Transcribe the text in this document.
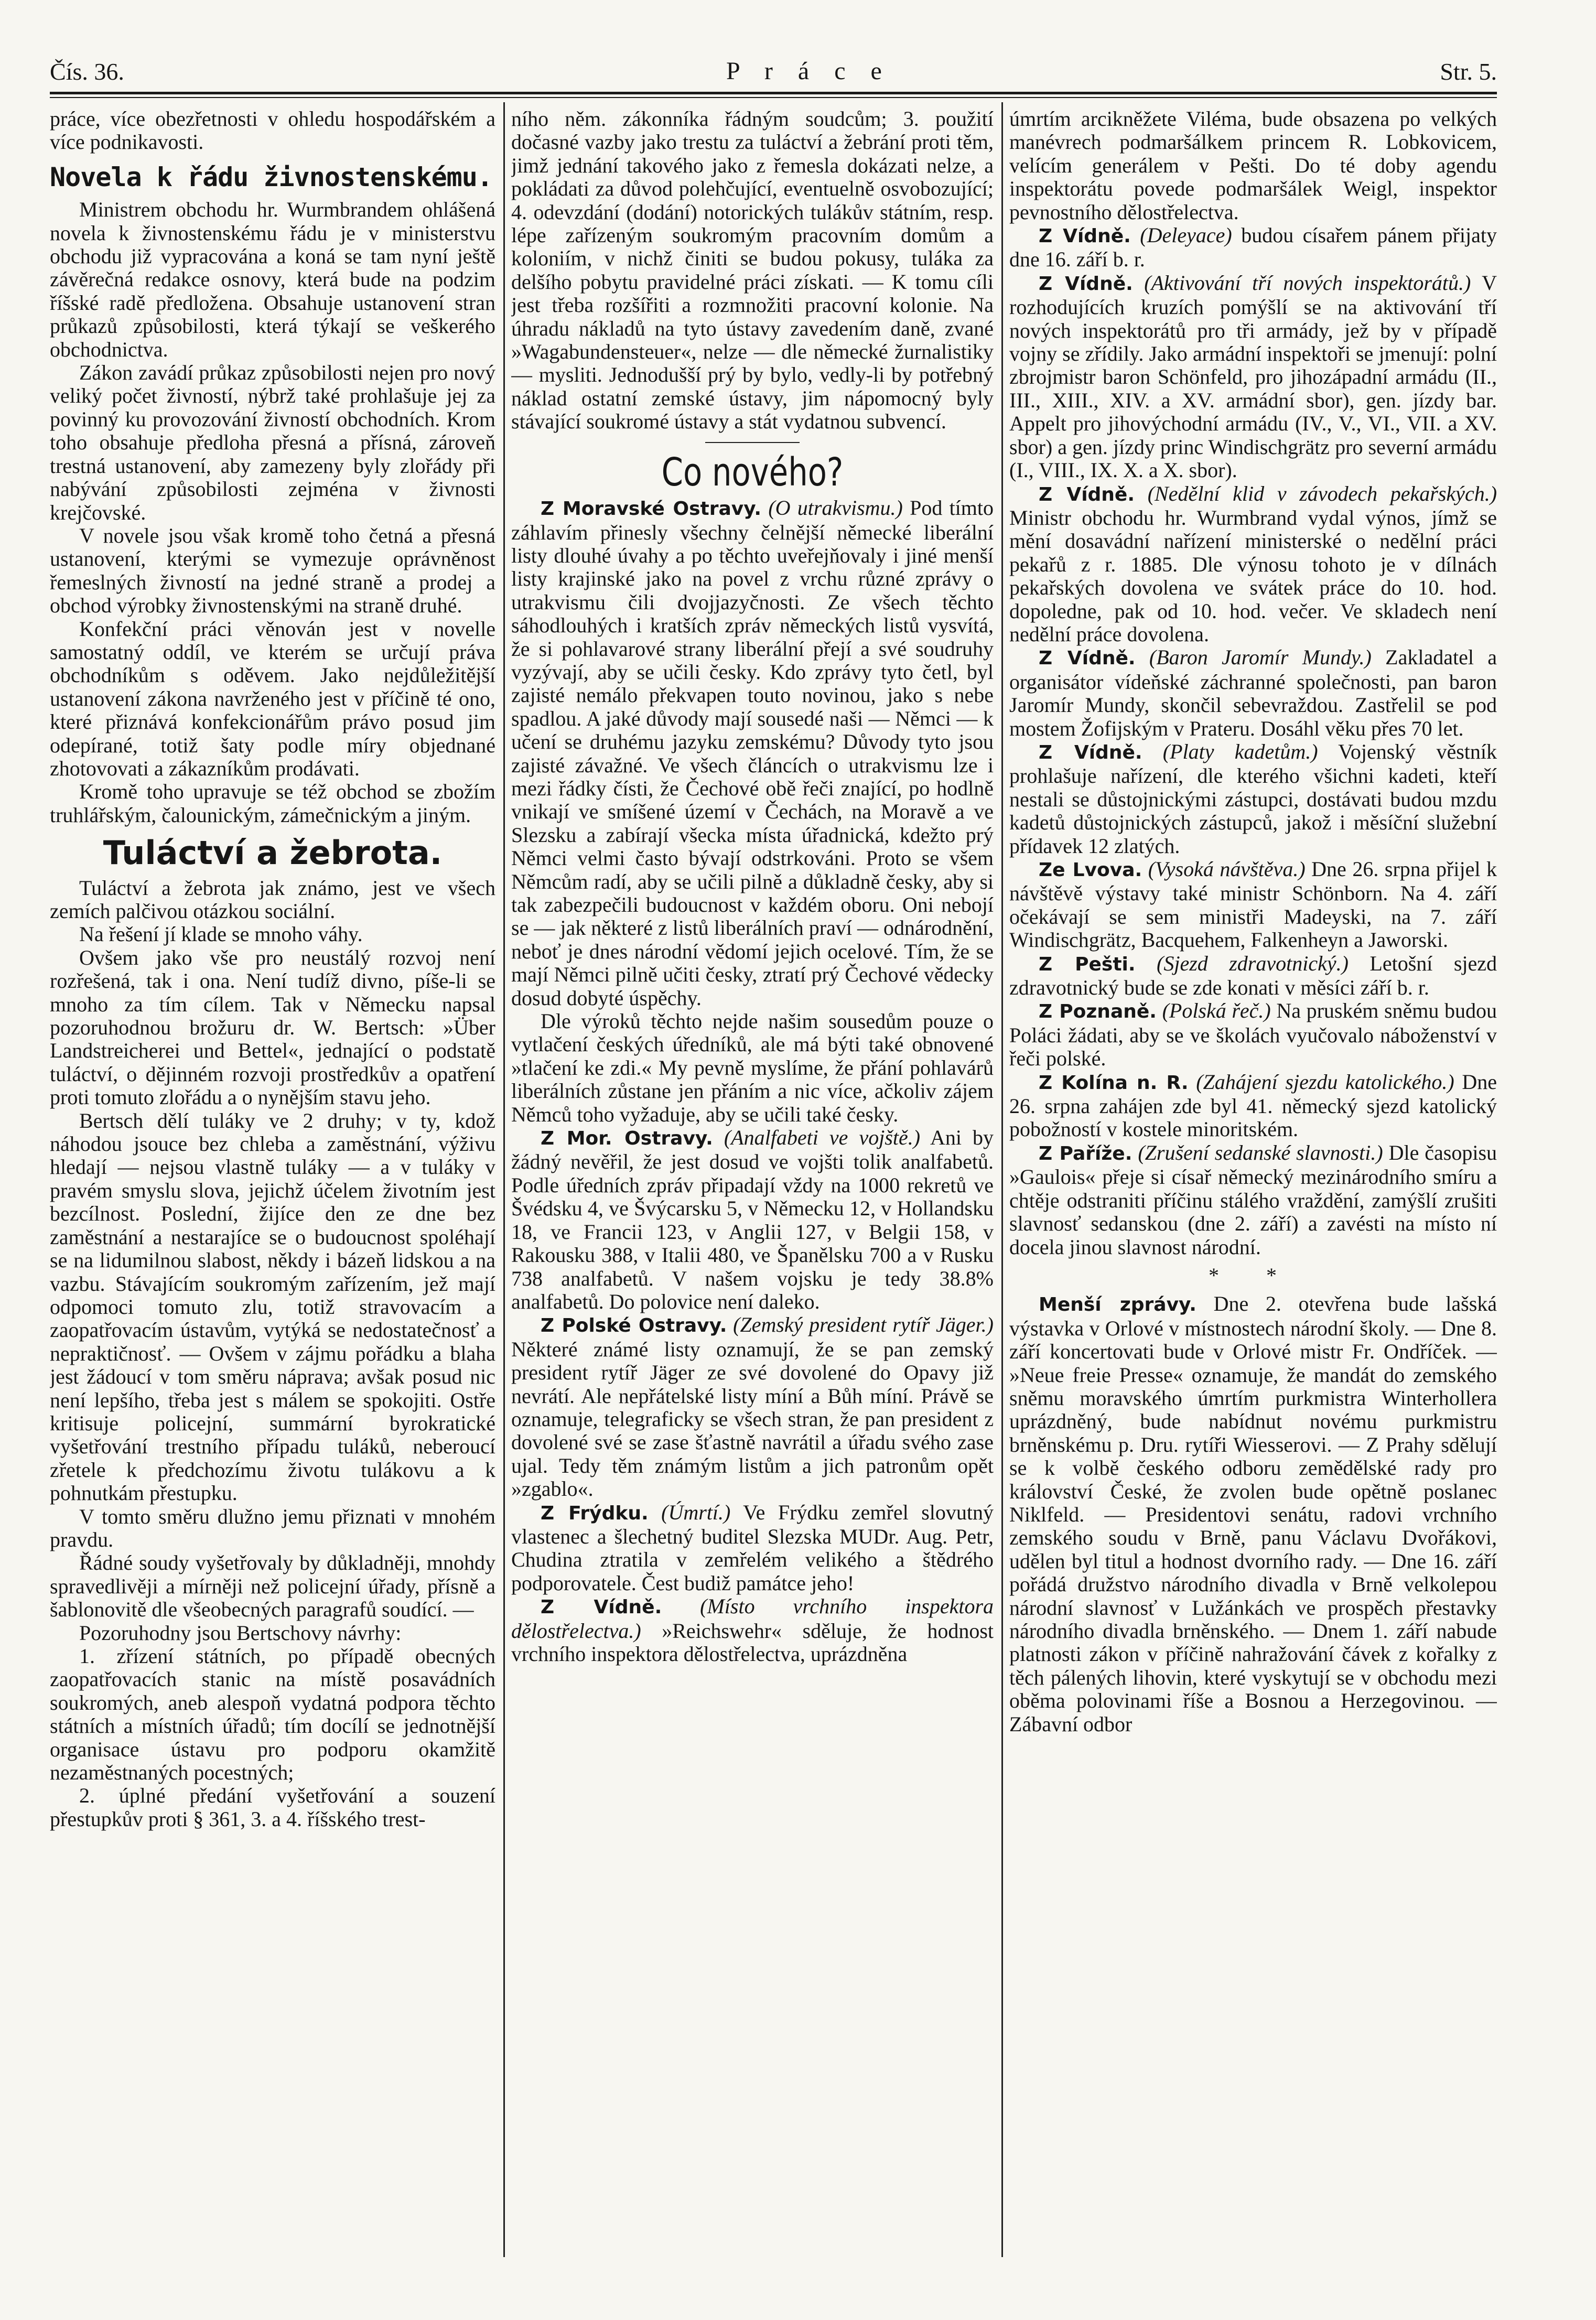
Čís. 36.	P r á c e	Str. 5.

práce, více obezřetnosti v ohledu hospodářském a více podnikavosti.

Novela k řádu živnostenskému.

Ministrem obchodu hr. Wurmbrandem ohlášená novela k živnostenskému řádu je v ministerstvu obchodu již vypracována a koná se tam nyní ještě závěrečná redakce osnovy, která bude na podzim říšské radě předložena. Obsahuje ustanovení stran průkazů způsobilosti, která týkají se veškerého obchodnictva.

Zákon zavádí průkaz způsobilosti nejen pro nový veliký počet živností, nýbrž také prohlašuje jej za povinný ku provozování živností obchodních. Krom toho obsahuje předloha přesná a přísná, zároveň trestná ustanovení, aby zamezeny byly zlořády při nabývání způsobilosti zejména v živnosti krejčovské.

V novele jsou však kromě toho četná a přesná ustanovení, kterými se vymezuje oprávněnost řemeslných živností na jedné straně a prodej a obchod výrobky živnostenskými na straně druhé.

Konfekční práci věnován jest v novelle samostatný oddíl, ve kterém se určují práva obchodníkům s oděvem. Jako nejdůležitější ustanovení zákona navrženého jest v příčině té ono, které přiznává konfekcionářům právo posud jim odepírané, totiž šaty podle míry objednané zhotovovati a zákazníkům prodávati.

Kromě toho upravuje se též obchod se zbožím truhlářským, čalounickým, zámečnickým a jiným.

Tuláctví a žebrota.

Tuláctví a žebrota jak známo, jest ve všech zemích palčivou otázkou sociální.

Na řešení jí klade se mnoho váhy.

Ovšem jako vše pro neustálý rozvoj není rozřešená, tak i ona. Není tudíž divno, píše-li se mnoho za tím cílem. Tak v Německu napsal pozoruhodnou brožuru dr. W. Bertsch: »Über Landstreicherei und Bettel«, jednající o podstatě tuláctví, o dějinném rozvoji prostředkův a opatření proti tomuto zlořádu a o nynějším stavu jeho.

Bertsch dělí tuláky ve 2 druhy; v ty, kdož náhodou jsouce bez chleba a zaměstnání, výživu hledají — nejsou vlastně tuláky — a v tuláky v pravém smyslu slova, jejichž účelem životním jest bezcílnost. Poslední, žijíce den ze dne bez zaměstnání a nestarajíce se o budoucnost spoléhají se na lidumilnou slabost, někdy i bázeň lidskou a na vazbu. Stávajícím soukromým zařízením, jež mají odpomoci tomuto zlu, totiž stravovacím a zaopatřovacím ústavům, vytýká se nedostatečnosť a nepraktičnosť. — Ovšem v zájmu pořádku a blaha jest žádoucí v tom směru náprava; avšak posud nic není lepšího, třeba jest s málem se spokojiti. Ostře kritisuje policejní, summární byrokratické vyšetřování trestního případu tuláků, neberoucí zřetele k předchozímu životu tulákovu a k pohnutkám přestupku.

V tomto směru dlužno jemu přiznati v mnohém pravdu.

Řádné soudy vyšetřovaly by důkladněji, mnohdy spravedlivěji a mírněji než policejní úřady, přísně a šablonovitě dle všeobecných paragrafů soudící. —

Pozoruhodny jsou Bertschovy návrhy:

1. zřízení státních, po případě obecných zaopatřovacích stanic na místě posavádních soukromých, aneb alespoň vydatná podpora těchto státních a místních úřadů; tím docílí se jednotnější organisace ústavu pro podporu okamžitě nezaměstnaných pocestných;

2. úplné předání vyšetřování a souzení přestupkův proti § 361, 3. a 4. říšského trest-

ního něm. zákonníka řádným soudcům; 3. použití dočasné vazby jako trestu za tuláctví a žebrání proti těm, jimž jednání takového jako z řemesla dokázati nelze, a pokládati za důvod polehčující, eventuelně osvobozující; 4. odevzdání (dodání) notorických tulákův státním, resp. lépe zařízeným soukromým pracovním domům a koloniím, v nichž činiti se budou pokusy, tuláka za delšího pobytu pravidelné práci získati. — K tomu cíli jest třeba rozšířiti a rozmnožiti pracovní kolonie. Na úhradu nákladů na tyto ústavy zavedením daně, zvané »Wagabundensteuer«, nelze — dle německé žurnalistiky — mysliti. Jednodušší prý by bylo, vedly-li by potřebný náklad ostatní zemské ústavy, jim nápomocný byly stávající soukromé ústavy a stát vydatnou subvencí.

Co nového?

Z Moravské Ostravy. (O utrakvismu.) Pod tímto záhlavím přinesly všechny čelnější německé liberální listy dlouhé úvahy a po těchto uveřejňovaly i jiné menší listy krajinské jako na povel z vrchu různé zprávy o utrakvismu čili dvojjazyčnosti. Ze všech těchto sáhodlouhých i kratších zpráv německých listů vysvítá, že si pohlavarové strany liberální přejí a své soudruhy vyzývají, aby se učili česky. Kdo zprávy tyto četl, byl zajisté nemálo překvapen touto novinou, jako s nebe spadlou. A jaké důvody mají sousedé naši — Němci — k učení se druhému jazyku zemskému? Důvody tyto jsou zajisté závažné. Ve všech článcích o utrakvismu lze i mezi řádky čísti, že Čechové obě řeči znající, po hodlně vnikají ve smíšené území v Čechách, na Moravě a ve Slezsku a zabírají všecka místa úřadnická, kdežto prý Němci velmi často bývají odstrkováni. Proto se všem Němcům radí, aby se učili pilně a důkladně česky, aby si tak zabezpečili budoucnost v každém oboru. Oni nebojí se — jak některé z listů liberálních praví — odnárodnění, neboť je dnes národní vědomí jejich ocelové. Tím, že se mají Němci pilně učiti česky, ztratí prý Čechové vědecky dosud dobyté úspěchy.

Dle výroků těchto nejde našim sousedům pouze o vytlačení českých úředníků, ale má býti také obnovené »tlačení ke zdi.« My pevně myslíme, že přání pohlavárů liberálních zůstane jen přáním a nic více, ačkoliv zájem Němců toho vyžaduje, aby se učili také česky.

Z Mor. Ostravy. (Analfabeti ve vojště.) Ani by žádný nevěřil, že jest dosud ve vojšti tolik analfabetů. Podle úředních zpráv připadají vždy na 1000 rekretů ve Švédsku 4, ve Švýcarsku 5, v Německu 12, v Hollandsku 18, ve Francii 123, v Anglii 127, v Belgii 158, v Rakousku 388, v Italii 480, ve Španělsku 700 a v Rusku 738 analfabetů. V našem vojsku je tedy 38.8% analfabetů. Do polovice není daleko.

Z Polské Ostravy. (Zemský president rytíř Jäger.) Některé známé listy oznamují, že se pan zemský president rytíř Jäger ze své dovolené do Opavy již nevrátí. Ale nepřátelské listy míní a Bůh míní. Právě se oznamuje, telegraficky se všech stran, že pan president z dovolené své se zase šťastně navrátil a úřadu svého zase ujal. Tedy těm známým listům a jich patronům opět »zgablo«.

Z Frýdku. (Úmrtí.) Ve Frýdku zemřel slovutný vlastenec a šlechetný buditel Slezska MUDr. Aug. Petr, Chudina ztratila v zemřelém velikého a štědrého podporovatele. Čest budiž památce jeho!

Z Vídně. (Místo vrchního inspektora dělostřelectva.) »Reichswehr« sděluje, že hodnost vrchního inspektora dělostřelectva, uprázdněna

úmrtím arcikněžete Viléma, bude obsazena po velkých manévrech podmaršálkem princem R. Lobkovicem, velícím generálem v Pešti. Do té doby agendu inspektorátu povede podmaršálek Weigl, inspektor pevnostního dělostřelectva.

Z Vídně. (Deleyace) budou císařem pánem přijaty dne 16. září b. r.

Z Vídně. (Aktivování tří nových inspektorátů.) V rozhodujících kruzích pomýšlí se na aktivování tří nových inspektorátů pro tři armády, jež by v případě vojny se zřídily. Jako armádní inspektoři se jmenují: polní zbrojmistr baron Schönfeld, pro jihozápadní armádu (II., III., XIII., XIV. a XV. armádní sbor), gen. jízdy bar. Appelt pro jihovýchodní armádu (IV., V., VI., VII. a XV. sbor) a gen. jízdy princ Windischgrätz pro severní armádu (I., VIII., IX. X. a X. sbor).

Z Vídně. (Nedělní klid v závodech pekařských.) Ministr obchodu hr. Wurmbrand vydal výnos, jímž se mění dosavádní nařízení ministerské o nedělní práci pekařů z r. 1885. Dle výnosu tohoto je v dílnách pekařských dovolena ve svátek práce do 10. hod. dopoledne, pak od 10. hod. večer. Ve skladech není nedělní práce dovolena.

Z Vídně. (Baron Jaromír Mundy.) Zakladatel a organisátor vídeňské záchranné společnosti, pan baron Jaromír Mundy, skončil sebevraždou. Zastřelil se pod mostem Žofijským v Prateru. Dosáhl věku přes 70 let.

Z Vídně. (Platy kadetům.) Vojenský věstník prohlašuje nařízení, dle kterého všichni kadeti, kteří nestali se důstojnickými zástupci, dostávati budou mzdu kadetů důstojnických zástupců, jakož i měsíční služební přídavek 12 zlatých.

Ze Lvova. (Vysoká návštěva.) Dne 26. srpna přijel k návštěvě výstavy také ministr Schönborn. Na 4. září očekávají se sem ministři Madeyski, na 7. září Windischgrätz, Bacquehem, Falkenheyn a Jaworski.

Z Pešti. (Sjezd zdravotnický.) Letošní sjezd zdravotnický bude se zde konati v měsíci září b. r.

Z Poznaně. (Polská řeč.) Na pruském sněmu budou Poláci žádati, aby se ve školách vyučovalo náboženství v řeči polské.

Z Kolína n. R. (Zahájení sjezdu katolického.) Dne 26. srpna zahájen zde byl 41. německý sjezd katolický pobožností v kostele minoritském.

Z Paříže. (Zrušení sedanské slavnosti.) Dle časopisu »Gaulois« přeje si císař německý mezinárodního smíru a chtěje odstraniti příčinu stálého vraždění, zamýšlí zrušiti slavnosť sedanskou (dne 2. září) a zavésti na místo ní docela jinou slavnost národní.

* *

Menší zprávy. Dne 2. otevřena bude lašská výstavka v Orlové v místnostech národní školy. — Dne 8. září koncertovati bude v Orlové mistr Fr. Ondříček. — »Neue freie Presse« oznamuje, že mandát do zemského sněmu moravského úmrtím purkmistra Winterhollera uprázdněný, bude nabídnut novému purkmistru brněnskému p. Dru. rytíři Wiesserovi. — Z Prahy sdělují se k volbě českého odboru zemědělské rady pro království České, že zvolen bude opětně poslanec Niklfeld. — Presidentovi senátu, radovi vrchního zemského soudu v Brně, panu Václavu Dvořákovi, udělen byl titul a hodnost dvorního rady. — Dne 16. září pořádá družstvo národního divadla v Brně velkolepou národní slavnosť v Lužánkách ve prospěch přestavky národního divadla brněnského. — Dnem 1. září nabude platnosti zákon v příčině nahražování čávek z kořalky z těch pálených lihovin, které vyskytují se v obchodu mezi oběma polovinami říše a Bosnou a Herzegovinou. — Zábavní odbor
